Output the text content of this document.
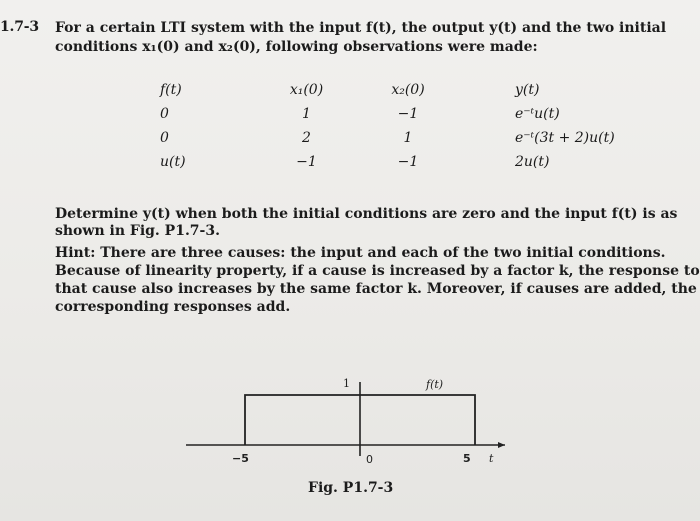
1.7-3 For a certain LTI system with the input f(t), the output y(t) and the two initial conditions x₁(0) and x₂(0), following observations were made:
f(t)	x₁(0)	x₂(0)	y(t)
0	1	−1	e⁻ᵗu(t)
0	2	1	e⁻ᵗ(3t + 2)u(t)
u(t)	−1	−1	2u(t)
Determine y(t) when both the initial conditions are zero and the input f(t) is as shown in Fig. P1.7-3.
Hint: There are three causes: the input and each of the two initial conditions. Because of linearity property, if a cause is increased by a factor k, the response to that cause also increases by the same factor k. Moreover, if causes are added, the corresponding responses add.
1	f(t)
−5	0	5 t
Fig. P1.7-3
